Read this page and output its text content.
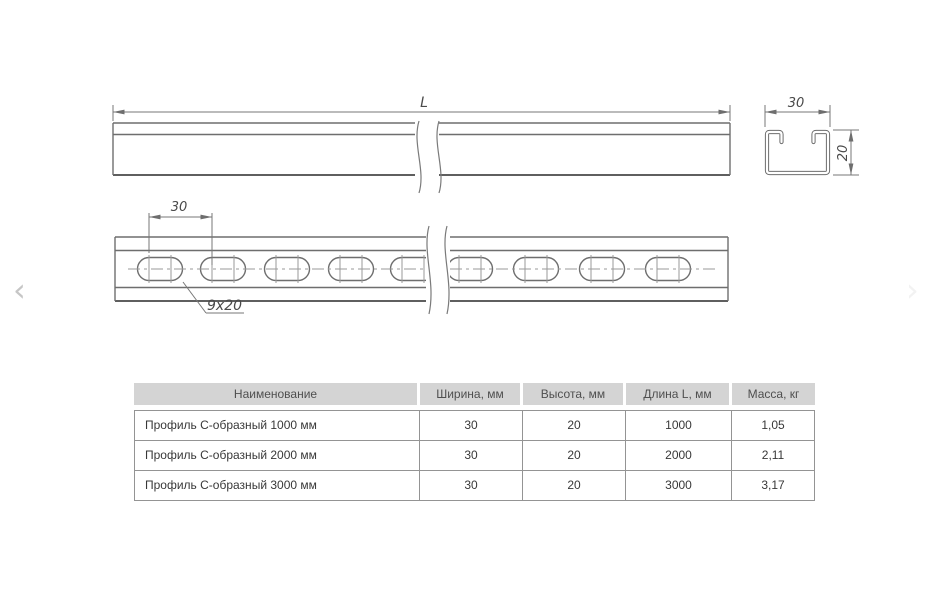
L	30
20
30
9x20
‹	›
Наименование	Ширина, мм	Высота, мм	Длина L, мм	Масса, кг
Профиль С-образный 1000 мм	30	20	1000	1,05
Профиль С-образный 2000 мм	30	20	2000	2,11
Профиль С-образный 3000 мм	30	20	3000	3,17
